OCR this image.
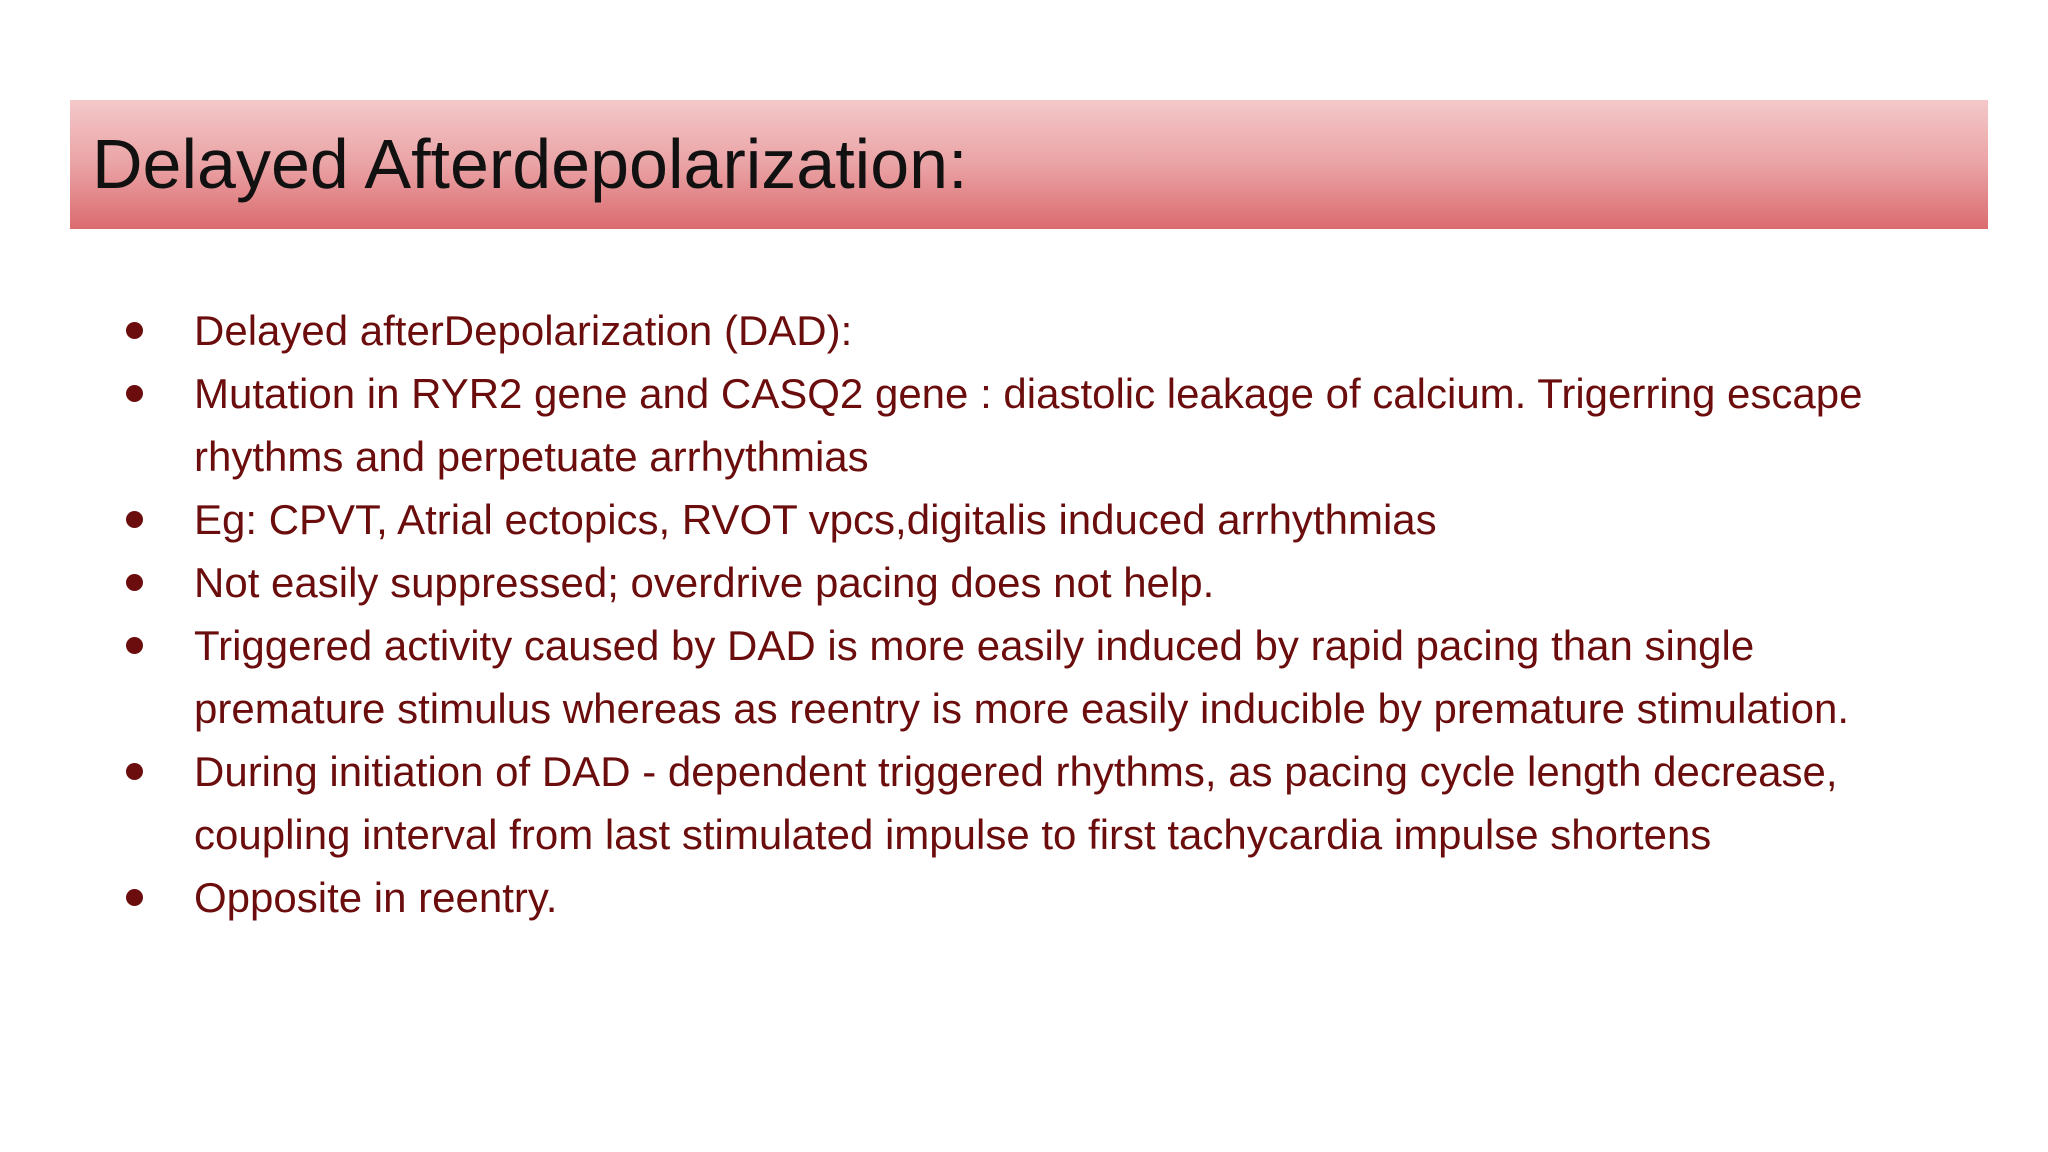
Delayed Afterdepolarization:
Delayed afterDepolarization (DAD):
Mutation in RYR2 gene and CASQ2 gene : diastolic leakage of calcium. Trigerring escape rhythms and perpetuate arrhythmias
Eg: CPVT, Atrial ectopics, RVOT vpcs,digitalis induced arrhythmias
Not easily suppressed; overdrive pacing does not help.
Triggered activity caused by DAD is more easily induced by rapid pacing than single premature stimulus whereas as reentry is more easily inducible by premature stimulation.
During initiation of DAD - dependent triggered rhythms, as pacing cycle length decrease, coupling interval from last stimulated impulse to first tachycardia impulse shortens
Opposite in reentry.
